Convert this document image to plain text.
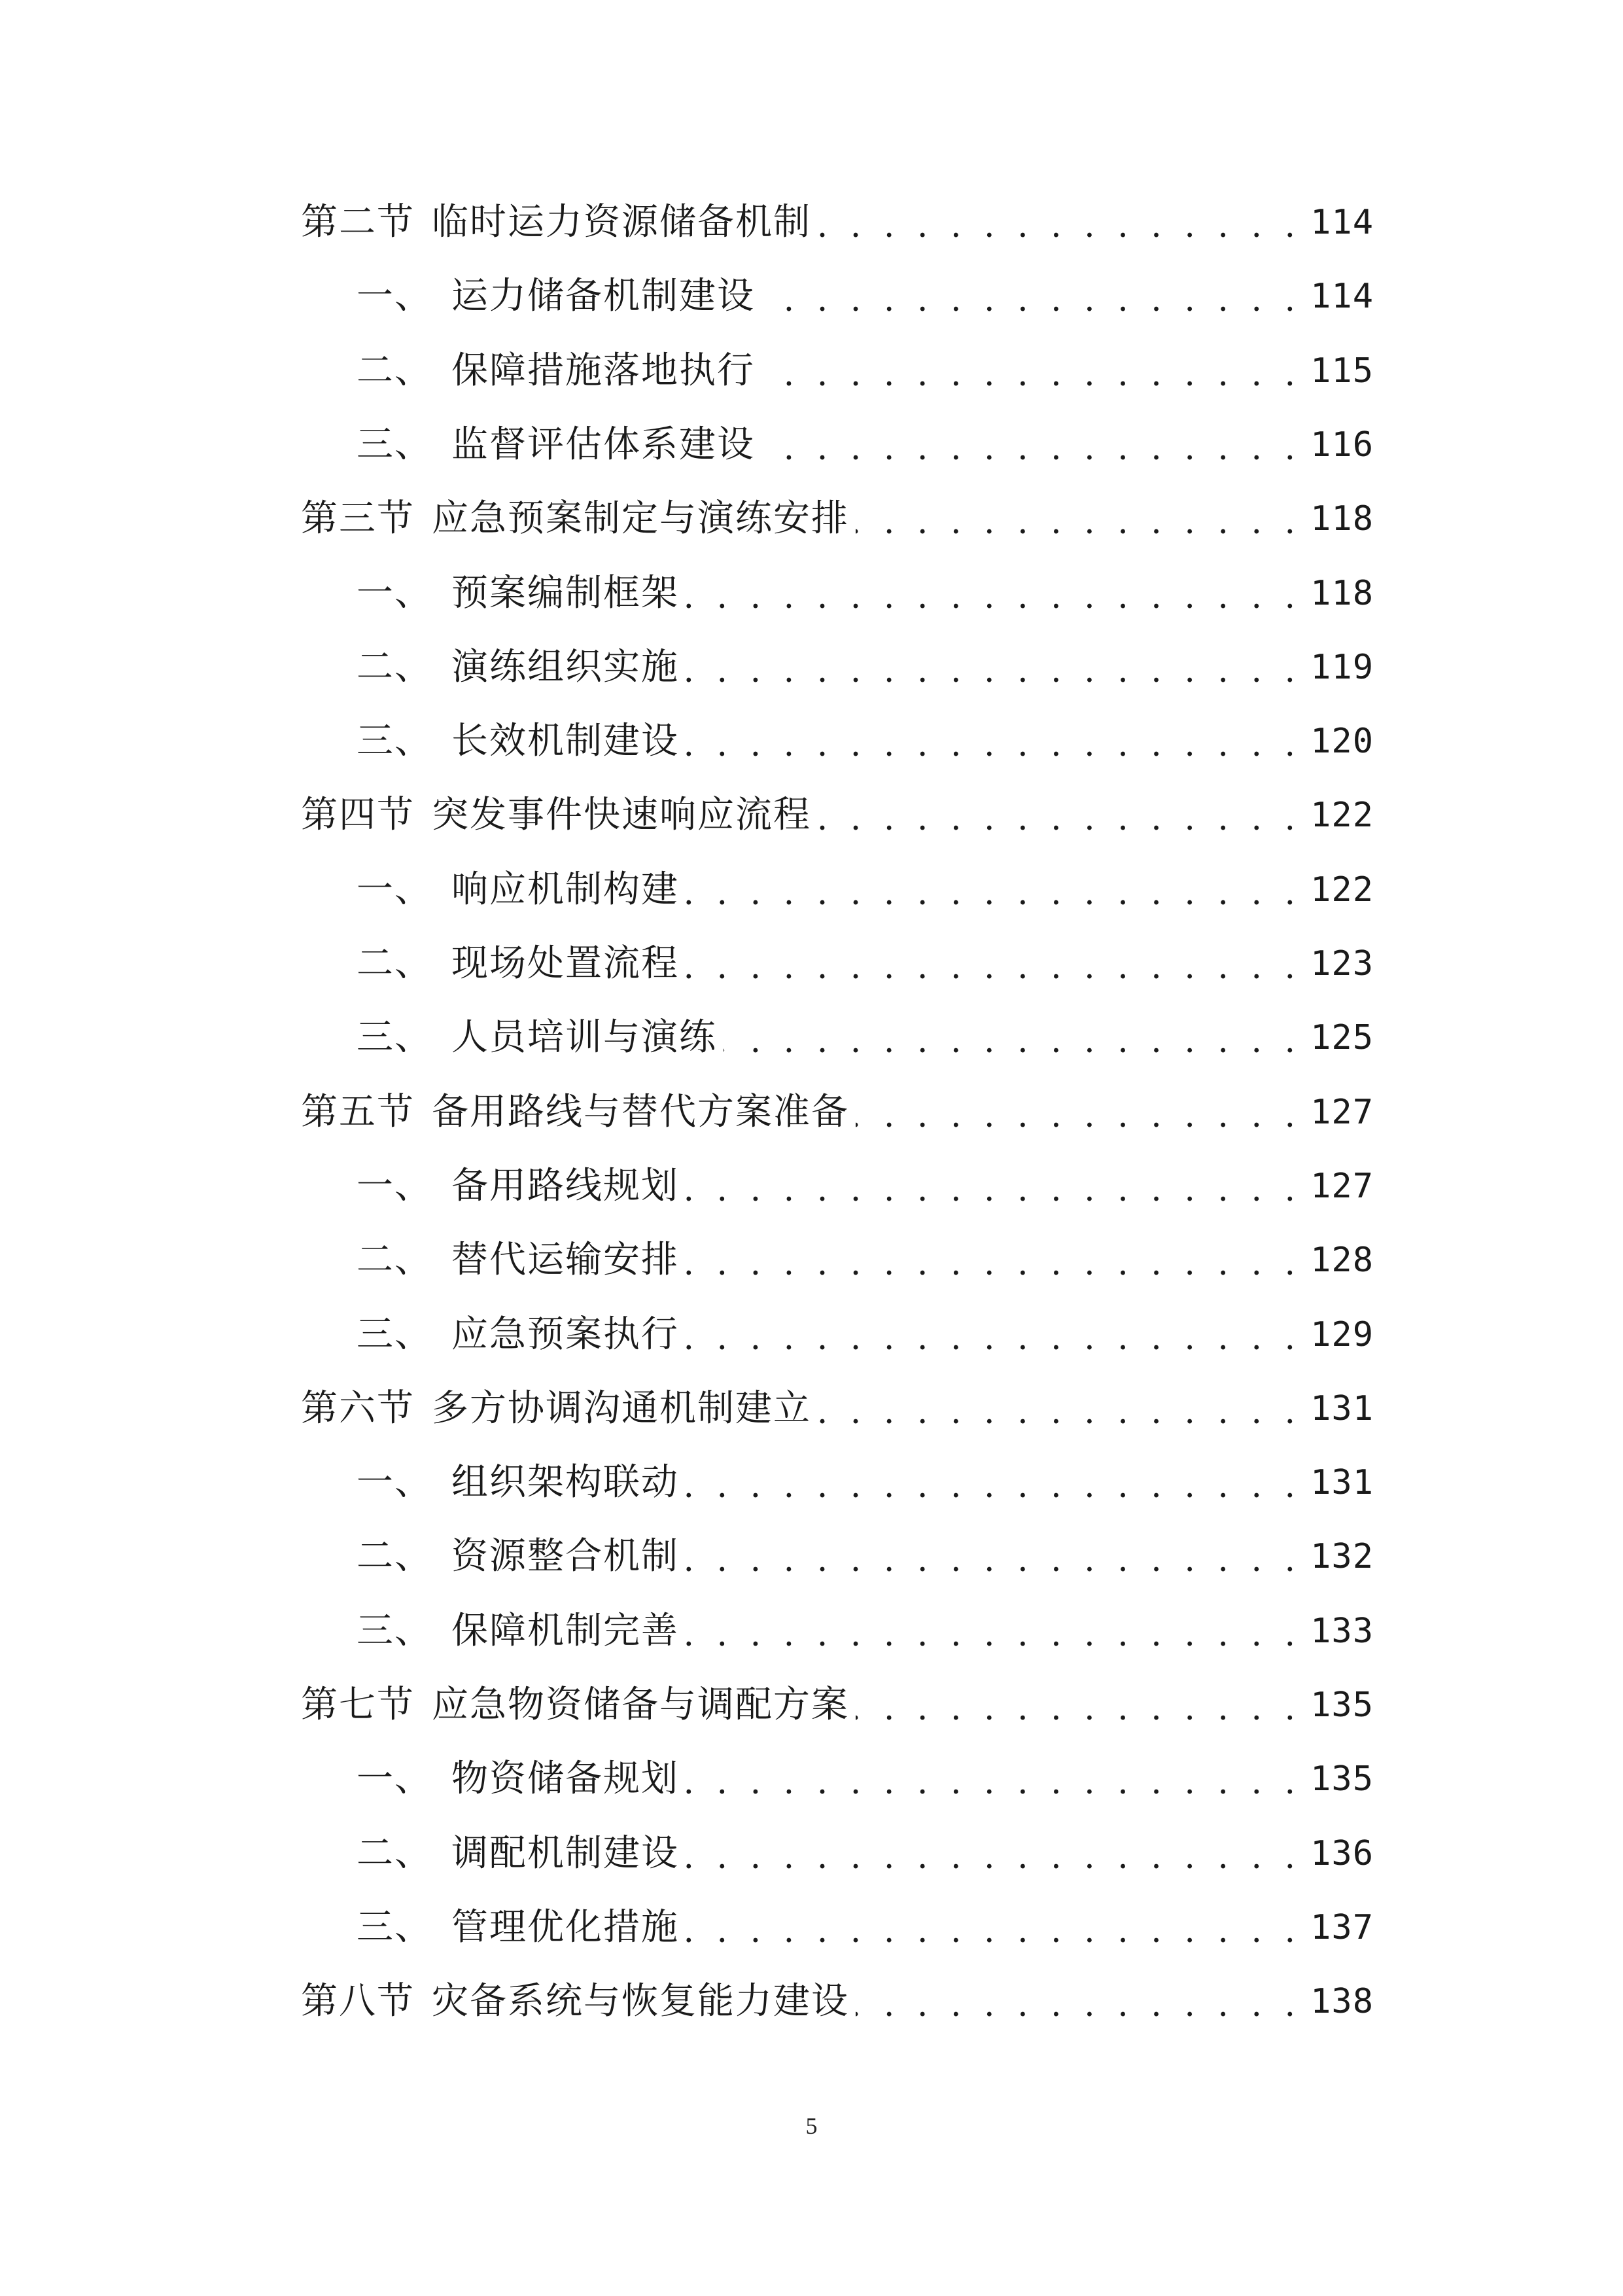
第二节 临时运力资源储备机制 . . .	114
一、 运力储备机制建设 . . .	114
二、 保障措施落地执行 . . .	115
三、 监督评估体系建设 . . .	116
第三节 应急预案制定与演练安排 . . .	118
一、 预案编制框架 . . .	118
二、 演练组织实施 . . .	119
三、 长效机制建设 . . .	120
第四节 突发事件快速响应流程 . . .	122
一、 响应机制构建 . . .	122
二、 现场处置流程 . . .	123
三、 人员培训与演练 . . .	125
第五节 备用路线与替代方案准备 . . .	127
一、 备用路线规划 . . .	127
二、 替代运输安排 . . .	128
三、 应急预案执行 . . .	129
第六节 多方协调沟通机制建立 . . .	131
一、 组织架构联动 . . .	131
二、 资源整合机制 . . .	132
三、 保障机制完善 . . .	133
第七节 应急物资储备与调配方案 . . .	135
一、 物资储备规划 . . .	135
二、 调配机制建设 . . .	136
三、 管理优化措施 . . .	137
第八节 灾备系统与恢复能力建设 . . .	138
5
